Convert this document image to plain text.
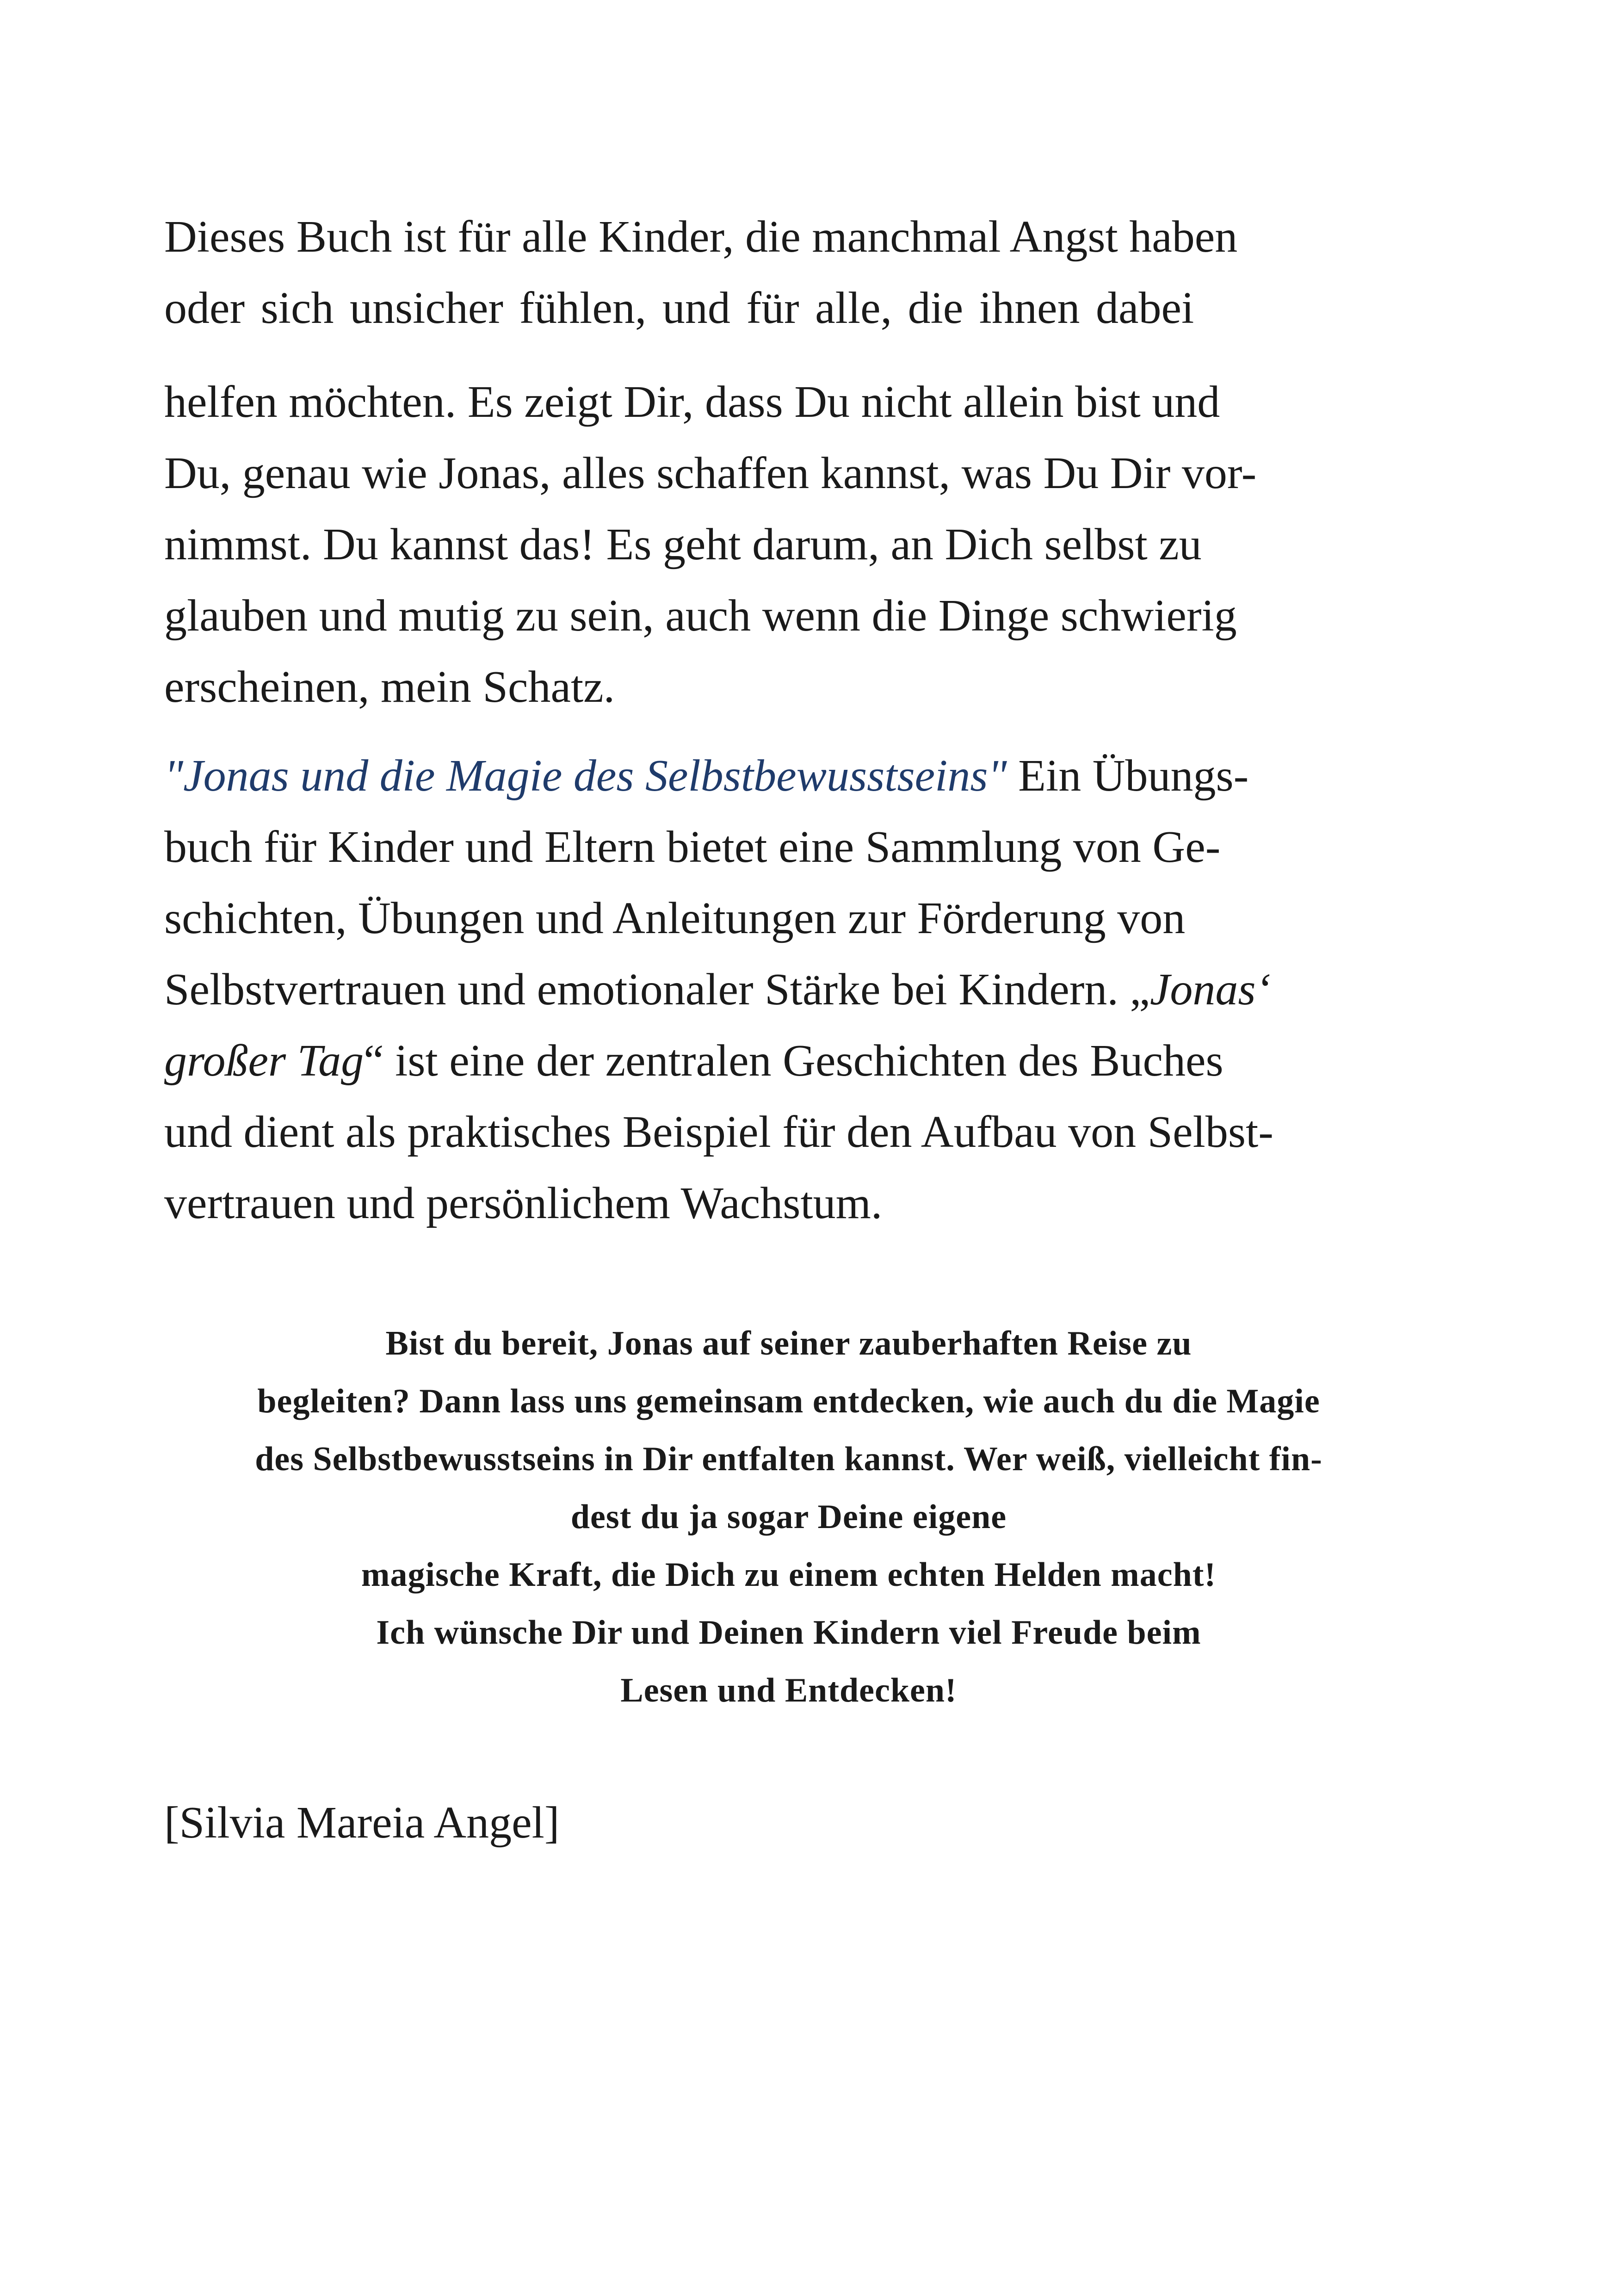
Dieses Buch ist für alle Kinder, die manchmal Angst haben
oder sich unsicher fühlen, und für alle, die ihnen dabei
helfen möchten. Es zeigt Dir, dass Du nicht allein bist und
Du, genau wie Jonas, alles schaffen kannst, was Du Dir vor-
nimmst. Du kannst das! Es geht darum, an Dich selbst zu
glauben und mutig zu sein, auch wenn die Dinge schwierig
erscheinen, mein Schatz.
"Jonas und die Magie des Selbstbewusstseins" Ein Übungs-
buch für Kinder und Eltern bietet eine Sammlung von Ge-
schichten, Übungen und Anleitungen zur Förderung von
Selbstvertrauen und emotionaler Stärke bei Kindern. „Jonas‘
großer Tag“ ist eine der zentralen Geschichten des Buches
und dient als praktisches Beispiel für den Aufbau von Selbst-
vertrauen und persönlichem Wachstum.
Bist du bereit, Jonas auf seiner zauberhaften Reise zu
begleiten? Dann lass uns gemeinsam entdecken, wie auch du die Magie
des Selbstbewusstseins in Dir entfalten kannst. Wer weiß, vielleicht fin-
dest du ja sogar Deine eigene
magische Kraft, die Dich zu einem echten Helden macht!
Ich wünsche Dir und Deinen Kindern viel Freude beim
Lesen und Entdecken!
[Silvia Mareia Angel]
